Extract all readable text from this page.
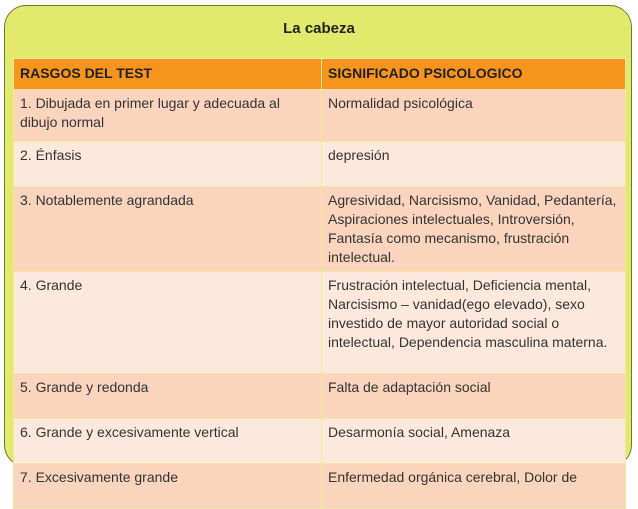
La cabeza
RASGOS DEL TEST	SIGNIFICADO PSICOLOGICO
1. Dibujada en primer lugar y adecuada al dibujo normal	Normalidad psicológica
2. Énfasis	depresión
3. Notablemente agrandada	Agresividad, Narcisismo, Vanidad, Pedantería, Aspiraciones intelectuales, Introversión, Fantasía como mecanismo, frustración intelectual.
4. Grande	Frustración intelectual, Deficiencia mental, Narcisismo – vanidad(ego elevado), sexo investido de mayor autoridad social o intelectual, Dependencia masculina materna.
5. Grande y redonda	Falta de adaptación social
6. Grande y excesivamente vertical	Desarmonía social, Amenaza
7. Excesivamente grande	Enfermedad orgánica cerebral, Dolor de
